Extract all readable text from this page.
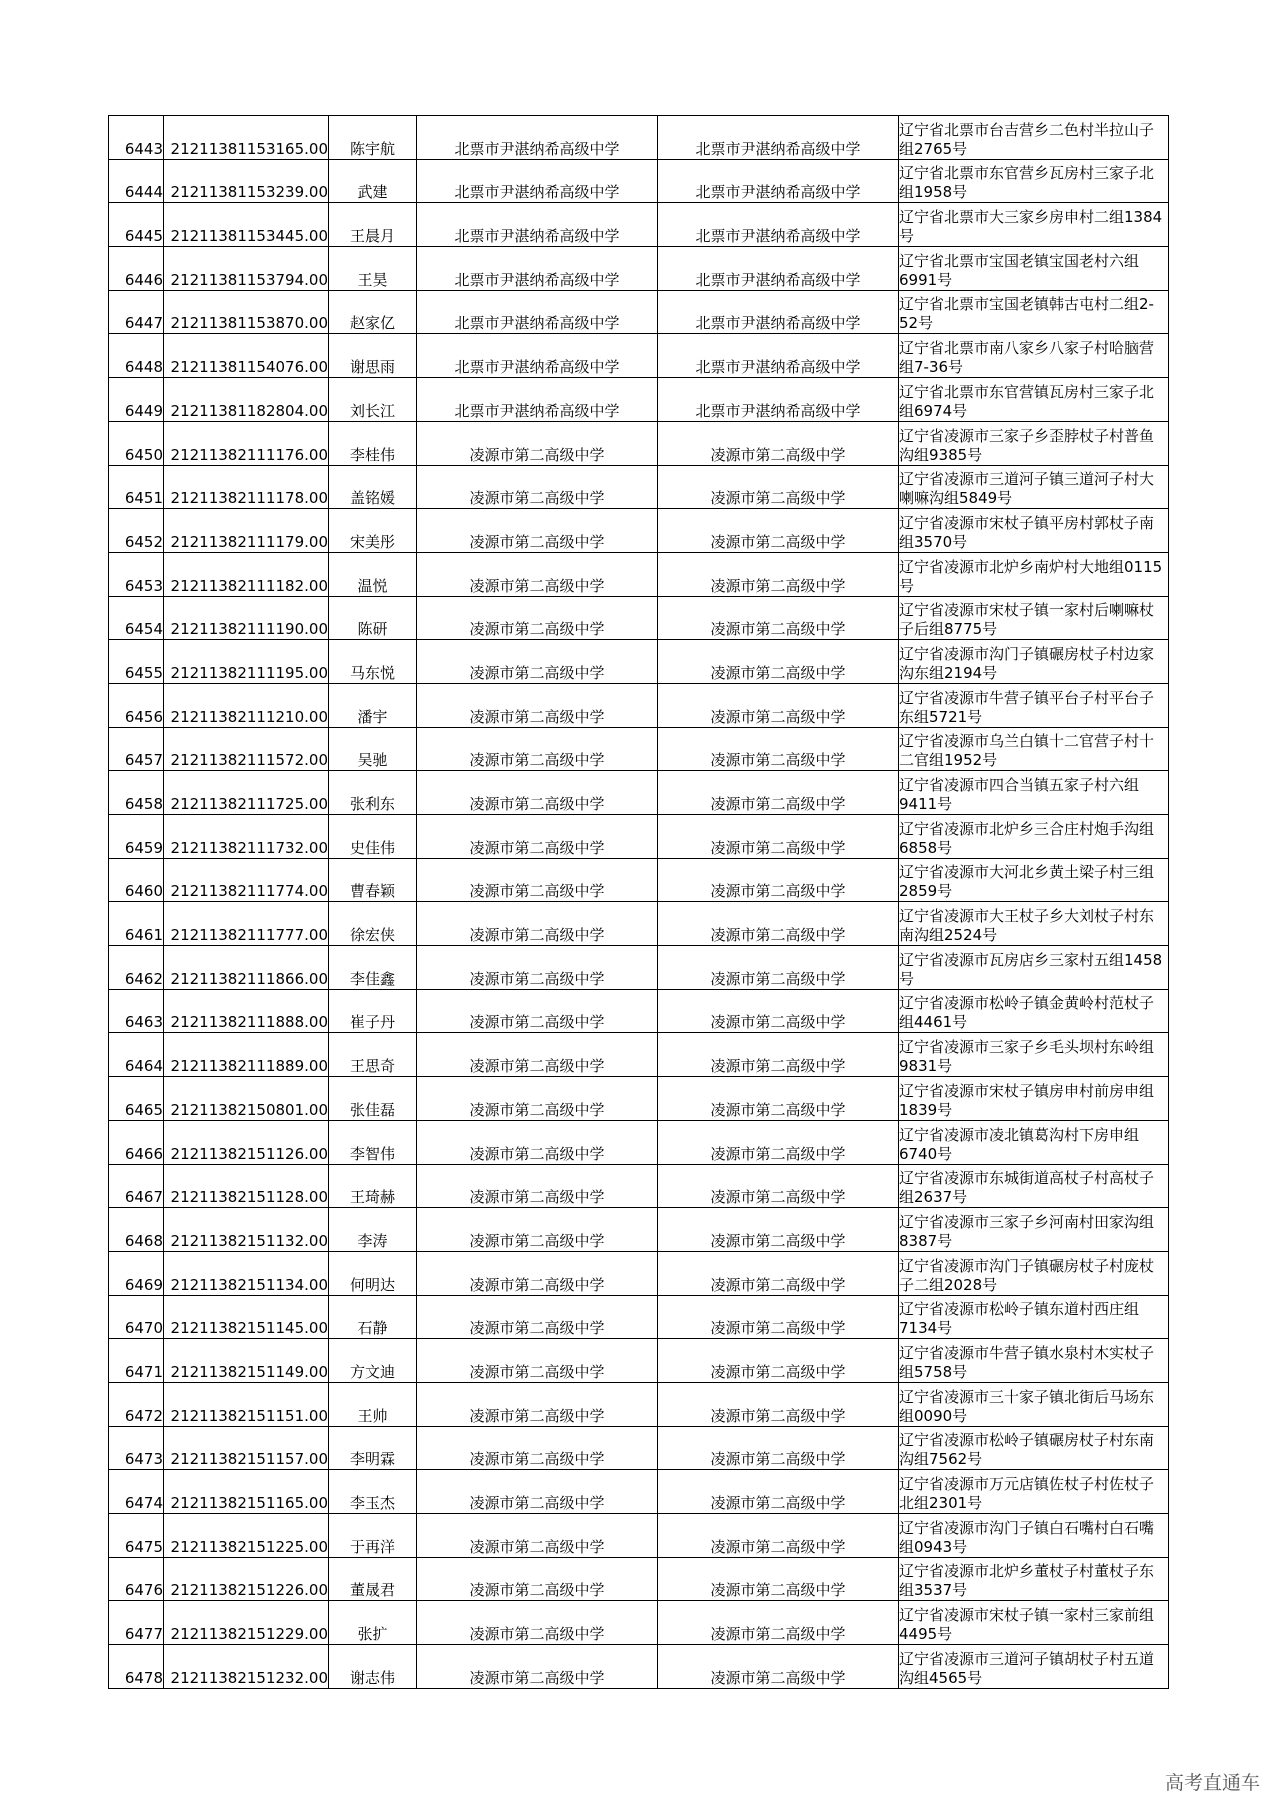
6443	21211381153165.00	陈宇航	北票市尹湛纳希高级中学	北票市尹湛纳希高级中学	辽宁省北票市台吉营乡二色村半拉山子组2765号
6444	21211381153239.00	武建	北票市尹湛纳希高级中学	北票市尹湛纳希高级中学	辽宁省北票市东官营乡瓦房村三家子北组1958号
6445	21211381153445.00	王晨月	北票市尹湛纳希高级中学	北票市尹湛纳希高级中学	辽宁省北票市大三家乡房申村二组1384号
6446	21211381153794.00	王昊	北票市尹湛纳希高级中学	北票市尹湛纳希高级中学	辽宁省北票市宝国老镇宝国老村六组6991号
6447	21211381153870.00	赵家亿	北票市尹湛纳希高级中学	北票市尹湛纳希高级中学	辽宁省北票市宝国老镇韩古屯村二组2-52号
6448	21211381154076.00	谢思雨	北票市尹湛纳希高级中学	北票市尹湛纳希高级中学	辽宁省北票市南八家乡八家子村哈脑营组7-36号
6449	21211381182804.00	刘长江	北票市尹湛纳希高级中学	北票市尹湛纳希高级中学	辽宁省北票市东官营镇瓦房村三家子北组6974号
6450	21211382111176.00	李桂伟	凌源市第二高级中学	凌源市第二高级中学	辽宁省凌源市三家子乡歪脖杖子村普鱼沟组9385号
6451	21211382111178.00	盖铭媛	凌源市第二高级中学	凌源市第二高级中学	辽宁省凌源市三道河子镇三道河子村大喇嘛沟组5849号
6452	21211382111179.00	宋美彤	凌源市第二高级中学	凌源市第二高级中学	辽宁省凌源市宋杖子镇平房村郭杖子南组3570号
6453	21211382111182.00	温悦	凌源市第二高级中学	凌源市第二高级中学	辽宁省凌源市北炉乡南炉村大地组0115号
6454	21211382111190.00	陈研	凌源市第二高级中学	凌源市第二高级中学	辽宁省凌源市宋杖子镇一家村后喇嘛杖子后组8775号
6455	21211382111195.00	马东悦	凌源市第二高级中学	凌源市第二高级中学	辽宁省凌源市沟门子镇碾房杖子村边家沟东组2194号
6456	21211382111210.00	潘宇	凌源市第二高级中学	凌源市第二高级中学	辽宁省凌源市牛营子镇平台子村平台子东组5721号
6457	21211382111572.00	吴驰	凌源市第二高级中学	凌源市第二高级中学	辽宁省凌源市乌兰白镇十二官营子村十二官组1952号
6458	21211382111725.00	张利东	凌源市第二高级中学	凌源市第二高级中学	辽宁省凌源市四合当镇五家子村六组9411号
6459	21211382111732.00	史佳伟	凌源市第二高级中学	凌源市第二高级中学	辽宁省凌源市北炉乡三合庄村炮手沟组6858号
6460	21211382111774.00	曹春颖	凌源市第二高级中学	凌源市第二高级中学	辽宁省凌源市大河北乡黄土梁子村三组2859号
6461	21211382111777.00	徐宏侠	凌源市第二高级中学	凌源市第二高级中学	辽宁省凌源市大王杖子乡大刘杖子村东南沟组2524号
6462	21211382111866.00	李佳鑫	凌源市第二高级中学	凌源市第二高级中学	辽宁省凌源市瓦房店乡三家村五组1458号
6463	21211382111888.00	崔子丹	凌源市第二高级中学	凌源市第二高级中学	辽宁省凌源市松岭子镇金黄岭村范杖子组4461号
6464	21211382111889.00	王思奇	凌源市第二高级中学	凌源市第二高级中学	辽宁省凌源市三家子乡毛头坝村东岭组9831号
6465	21211382150801.00	张佳磊	凌源市第二高级中学	凌源市第二高级中学	辽宁省凌源市宋杖子镇房申村前房申组1839号
6466	21211382151126.00	李智伟	凌源市第二高级中学	凌源市第二高级中学	辽宁省凌源市凌北镇葛沟村下房申组6740号
6467	21211382151128.00	王琦赫	凌源市第二高级中学	凌源市第二高级中学	辽宁省凌源市东城街道高杖子村高杖子组2637号
6468	21211382151132.00	李涛	凌源市第二高级中学	凌源市第二高级中学	辽宁省凌源市三家子乡河南村田家沟组8387号
6469	21211382151134.00	何明达	凌源市第二高级中学	凌源市第二高级中学	辽宁省凌源市沟门子镇碾房杖子村庞杖子二组2028号
6470	21211382151145.00	石静	凌源市第二高级中学	凌源市第二高级中学	辽宁省凌源市松岭子镇东道村西庄组7134号
6471	21211382151149.00	方文迪	凌源市第二高级中学	凌源市第二高级中学	辽宁省凌源市牛营子镇水泉村木实杖子组5758号
6472	21211382151151.00	王帅	凌源市第二高级中学	凌源市第二高级中学	辽宁省凌源市三十家子镇北街后马场东组0090号
6473	21211382151157.00	李明霖	凌源市第二高级中学	凌源市第二高级中学	辽宁省凌源市松岭子镇碾房杖子村东南沟组7562号
6474	21211382151165.00	李玉杰	凌源市第二高级中学	凌源市第二高级中学	辽宁省凌源市万元店镇佐杖子村佐杖子北组2301号
6475	21211382151225.00	于再洋	凌源市第二高级中学	凌源市第二高级中学	辽宁省凌源市沟门子镇白石嘴村白石嘴组0943号
6476	21211382151226.00	董晟君	凌源市第二高级中学	凌源市第二高级中学	辽宁省凌源市北炉乡董杖子村董杖子东组3537号
6477	21211382151229.00	张扩	凌源市第二高级中学	凌源市第二高级中学	辽宁省凌源市宋杖子镇一家村三家前组4495号
6478	21211382151232.00	谢志伟	凌源市第二高级中学	凌源市第二高级中学	辽宁省凌源市三道河子镇胡杖子村五道沟组4565号
高考直通车
